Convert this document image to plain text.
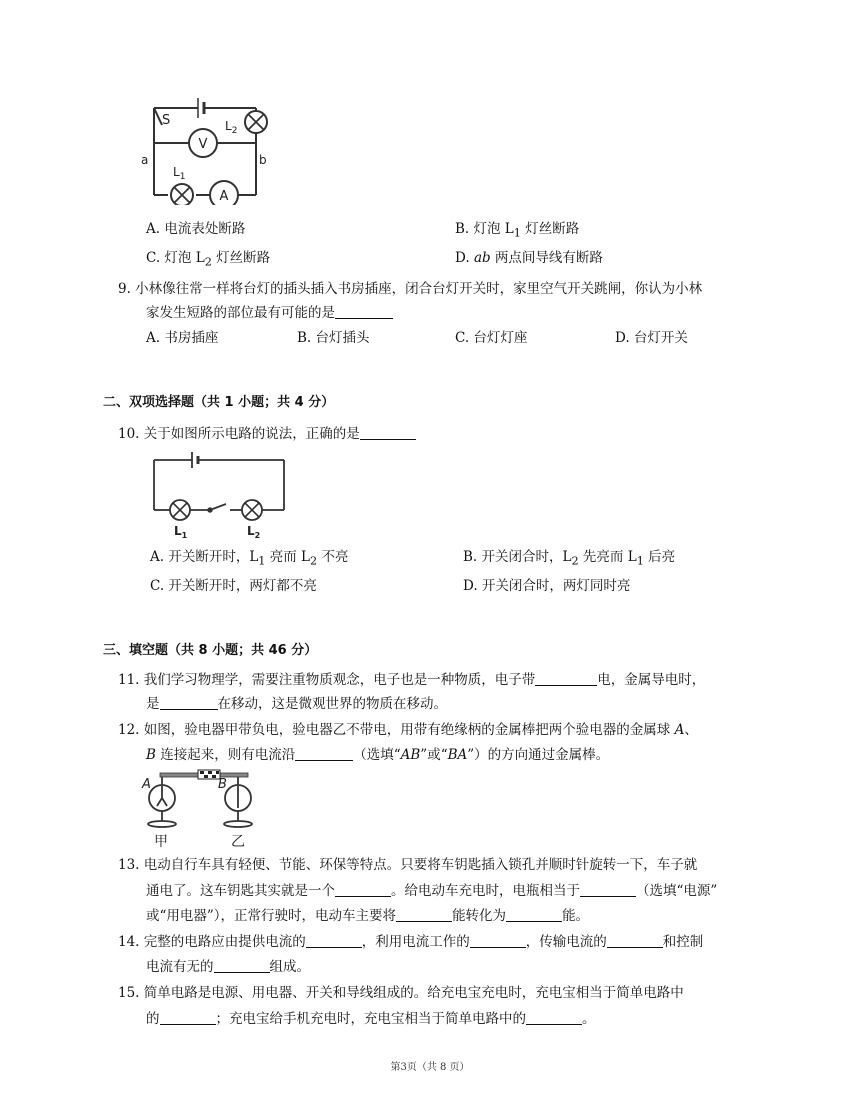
V
A
S
a	b
$L_2$
$L_1$
A. 电流表处断路	B. 灯泡 $L_1$ 灯丝断路
C. 灯泡 $L_2$ 灯丝断路	D. ab 两点间导线有断路
9. 小林像往常一样将台灯的插头插入书房插座，闭合台灯开关时，家里空气开关跳闸，你认为小林
家发生短路的部位最有可能的是
A. 书房插座	B. 台灯插头	C. 台灯灯座	D. 台灯开关
二、双项选择题（共 1 小题；共 4 分）
10. 关于如图所示电路的说法，正确的是
$L_1$	$L_2$
A. 开关断开时，$L_1$ 亮而 $L_2$ 不亮	B. 开关闭合时，$L_2$ 先亮而 $L_1$ 后亮
C. 开关断开时，两灯都不亮	D. 开关闭合时，两灯同时亮
三、填空题（共 8 小题；共 46 分）
11. 我们学习物理学，需要注重物质观念，电子也是一种物质，电子带	电，金属导电时，
是	在移动，这是微观世界的物质在移动。
12. 如图，验电器甲带负电，验电器乙不带电，用带有绝缘柄的金属棒把两个验电器的金属球 A、
B 连接起来，则有电流沿	（选填“AB”或“BA”）的方向通过金属棒。
A	B
甲	乙
13. 电动自行车具有轻便、节能、环保等特点。只要将车钥匙插入锁孔并顺时针旋转一下，车子就
通电了。这车钥匙其实就是一个	。给电动车充电时，电瓶相当于	（选填“电源”
或“用电器”），正常行驶时，电动车主要将	能转化为	能。
14. 完整的电路应由提供电流的	，利用电流工作的	，传输电流的	和控制
电流有无的	组成。
15. 简单电路是电源、用电器、开关和导线组成的。给充电宝充电时，充电宝相当于简单电路中
的	；充电宝给手机充电时，充电宝相当于简单电路中的	。
第3页（共 8 页）
